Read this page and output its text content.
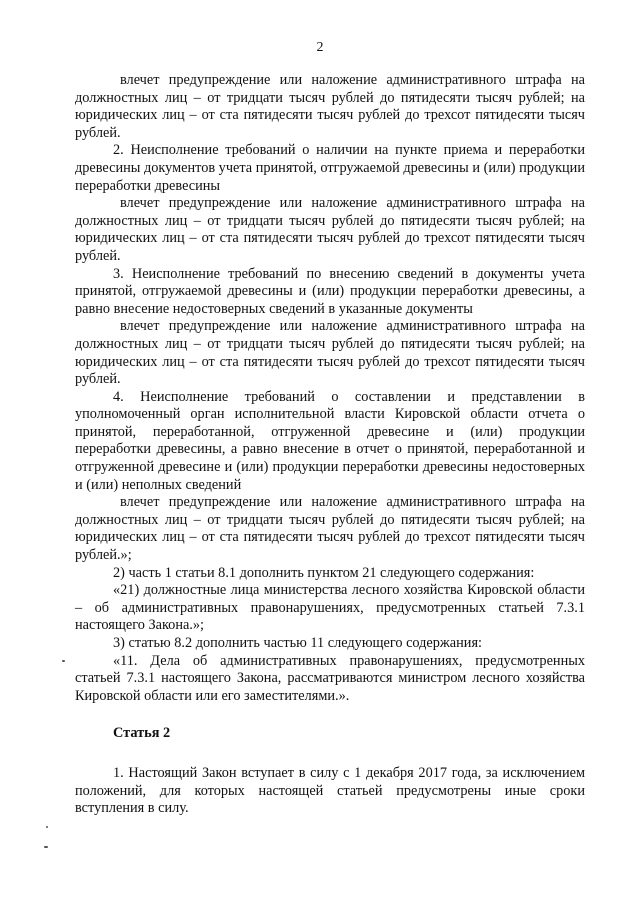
2

влечет предупреждение или наложение административного штрафа на должностных лиц – от тридцати тысяч рублей до пятидесяти тысяч рублей; на юридических лиц – от ста пятидесяти тысяч рублей до трехсот пятидесяти тысяч рублей.

2. Неисполнение требований о наличии на пункте приема и переработки древесины документов учета принятой, отгружаемой древесины и (или) продукции переработки древесины

влечет предупреждение или наложение административного штрафа на должностных лиц – от тридцати тысяч рублей до пятидесяти тысяч рублей; на юридических лиц – от ста пятидесяти тысяч рублей до трехсот пятидесяти тысяч рублей.

3. Неисполнение требований по внесению сведений в документы учета принятой, отгружаемой древесины и (или) продукции переработки древесины, а равно внесение недостоверных сведений в указанные документы

влечет предупреждение или наложение административного штрафа на должностных лиц – от тридцати тысяч рублей до пятидесяти тысяч рублей; на юридических лиц – от ста пятидесяти тысяч рублей до трехсот пятидесяти тысяч рублей.

4. Неисполнение требований о составлении и представлении в уполномоченный орган исполнительной власти Кировской области отчета о принятой, переработанной, отгруженной древесине и (или) продукции переработки древесины, а равно внесение в отчет о принятой, переработанной и отгруженной древесине и (или) продукции переработки древесины недостоверных и (или) неполных сведений

влечет предупреждение или наложение административного штрафа на должностных лиц – от тридцати тысяч рублей до пятидесяти тысяч рублей; на юридических лиц – от ста пятидесяти тысяч рублей до трехсот пятидесяти тысяч рублей.»;

2) часть 1 статьи 8.1 дополнить пунктом 21 следующего содержания:

«21) должностные лица министерства лесного хозяйства Кировской области – об административных правонарушениях, предусмотренных статьей 7.3.1 настоящего Закона.»;

3) статью 8.2 дополнить частью 11 следующего содержания:

«11. Дела об административных правонарушениях, предусмотренных статьей 7.3.1 настоящего Закона, рассматриваются министром лесного хозяйства Кировской области или его заместителями.».

Статья 2

1. Настоящий Закон вступает в силу с 1 декабря 2017 года, за исключением положений, для которых настоящей статьей предусмотрены иные сроки вступления в силу.
